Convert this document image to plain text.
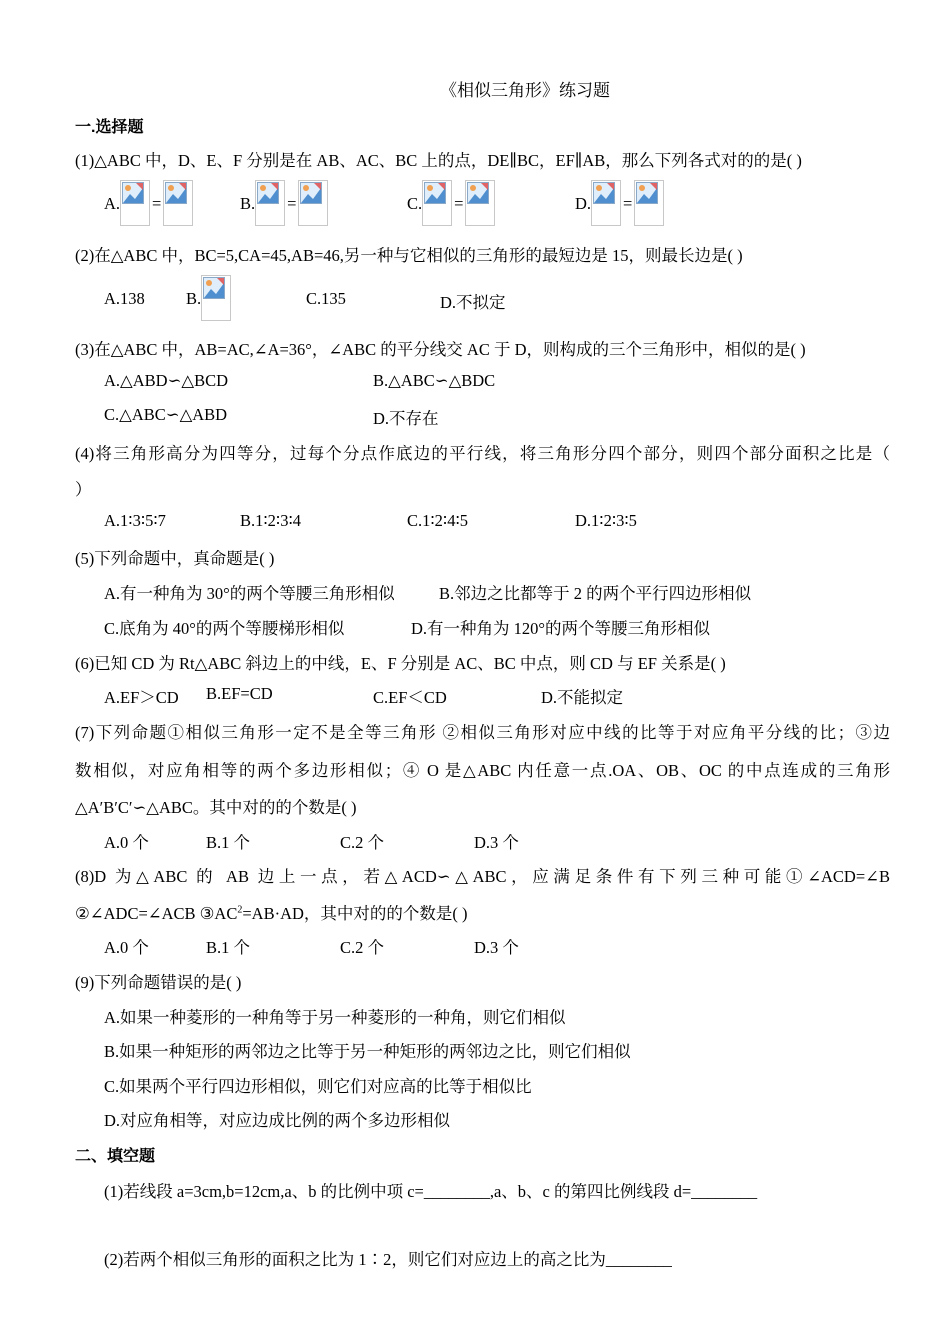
《相似三角形》练习题
一.选择题
(1)△ABC 中，D、E、F 分别是在 AB、AC、BC 上的点，DE∥BC，EF∥AB，那么下列各式对的的是( )
A. =	B. =	C. =	D. =
(2)在△ABC 中，BC=5,CA=45,AB=46,另一种与它相似的三角形的最短边是 15，则最长边是( )
A.138 B.	C.135	D.不拟定
(3)在△ABC 中，AB=AC,∠A=36°，∠ABC 的平分线交 AC 于 D，则构成的三个三角形中，相似的是( )
A.△ABD∽△BCD	B.△ABC∽△BDC
C.△ABC∽△ABD	D.不存在
(4)将三角形高分为四等分，过每个分点作底边的平行线，将三角形分四个部分，则四个部分面积之比是（
）
A.1∶3∶5∶7	B.1∶2∶3∶4	C.1∶2∶4∶5	D.1∶2∶3∶5
(5)下列命题中，真命题是( )
A.有一种角为 30°的两个等腰三角形相似	B.邻边之比都等于 2 的两个平行四边形相似
C.底角为 40°的两个等腰梯形相似	D.有一种角为 120°的两个等腰三角形相似
(6)已知 CD 为 Rt△ABC 斜边上的中线，E、F 分别是 AC、BC 中点，则 CD 与 EF 关系是( )
A.EF＞CD B.EF=CD	C.EF＜CD	D.不能拟定
(7)下列命题①相似三角形一定不是全等三角形 ②相似三角形对应中线的比等于对应角平分线的比；③边
数相似，对应角相等的两个多边形相似；④ O 是△ABC 内任意一点.OA、OB、OC 的中点连成的三角形
△A′B′C′∽△ABC。其中对的的个数是( )
A.0 个	B.1 个	C.2 个	D.3 个
(8)D 为△ABC 的 AB 边上一点，若△ACD∽△ABC，应满足条件有下列三种可能①∠ACD=∠B
②∠ADC=∠ACB $③AC^2=AB\cdot AD$，其中对的的个数是( )
A.0 个	B.1 个	C.2 个	D.3 个
(9)下列命题错误的是( )
A.如果一种菱形的一种角等于另一种菱形的一种角，则它们相似
B.如果一种矩形的两邻边之比等于另一种矩形的两邻边之比，则它们相似
C.如果两个平行四边形相似，则它们对应高的比等于相似比
D.对应角相等，对应边成比例的两个多边形相似
二、填空题
(1)若线段 a=3cm,b=12cm,a、b 的比例中项 c=________,a、b、c 的第四比例线段 d=________
(2)若两个相似三角形的面积之比为 1∶2，则它们对应边上的高之比为________
